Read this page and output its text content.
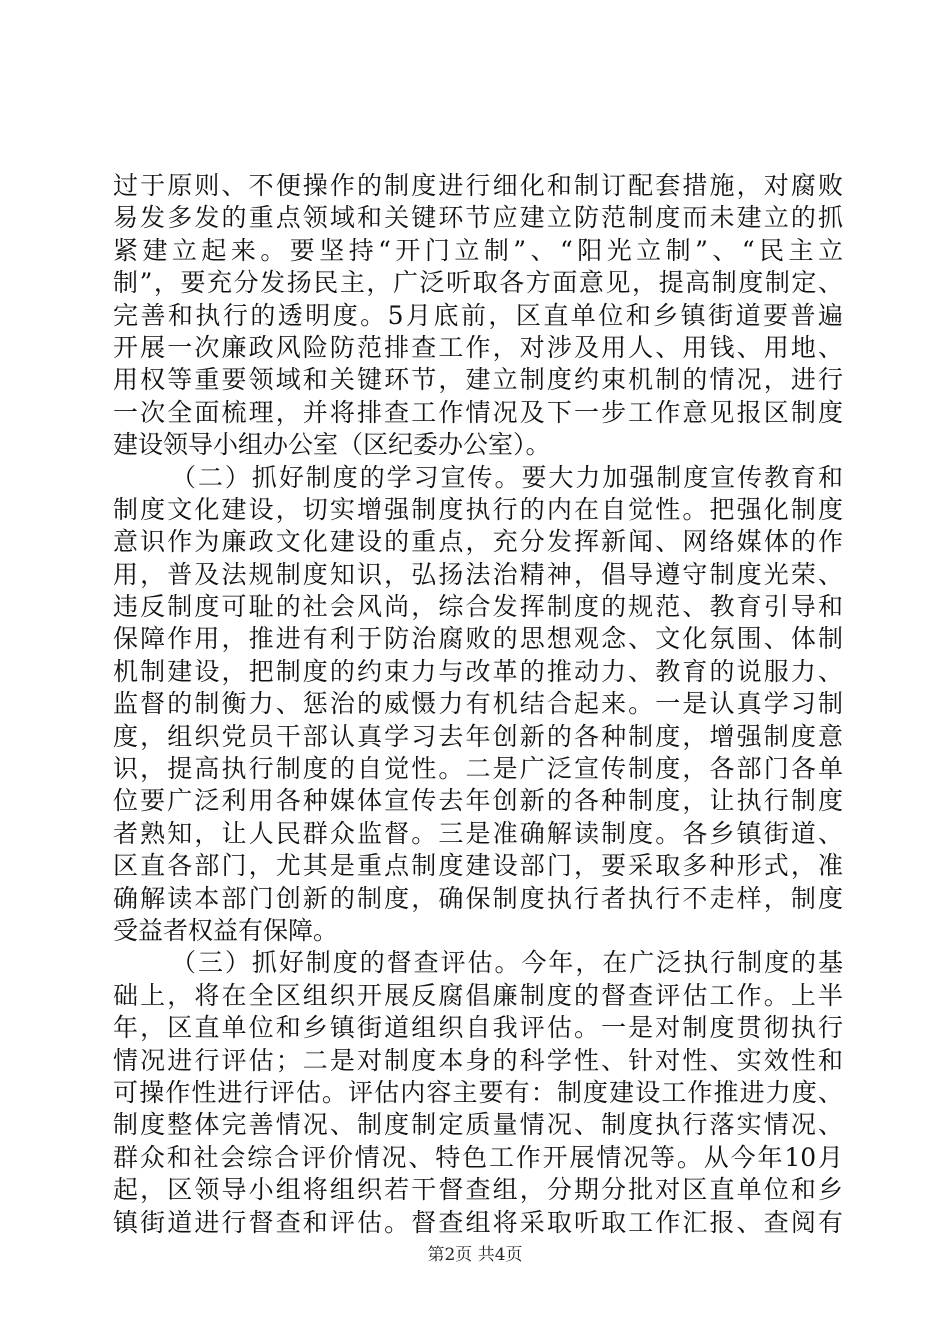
过于原则、不便操作的制度进行细化和制订配套措施，对腐败
易发多发的重点领域和关键环节应建立防范制度而未建立的抓
紧建立起来。要坚持“开门立制”、“阳光立制”、“民主立
制”，要充分发扬民主，广泛听取各方面意见，提高制度制定、
完善和执行的透明度。5月底前，区直单位和乡镇街道要普遍
开展一次廉政风险防范排查工作，对涉及用人、用钱、用地、
用权等重要领域和关键环节，建立制度约束机制的情况，进行
一次全面梳理，并将排查工作情况及下一步工作意见报区制度
建设领导小组办公室（区纪委办公室）。
（二）抓好制度的学习宣传。要大力加强制度宣传教育和
制度文化建设，切实增强制度执行的内在自觉性。把强化制度
意识作为廉政文化建设的重点，充分发挥新闻、网络媒体的作
用，普及法规制度知识，弘扬法治精神，倡导遵守制度光荣、
违反制度可耻的社会风尚，综合发挥制度的规范、教育引导和
保障作用，推进有利于防治腐败的思想观念、文化氛围、体制
机制建设，把制度的约束力与改革的推动力、教育的说服力、
监督的制衡力、惩治的威慑力有机结合起来。一是认真学习制
度，组织党员干部认真学习去年创新的各种制度，增强制度意
识，提高执行制度的自觉性。二是广泛宣传制度，各部门各单
位要广泛利用各种媒体宣传去年创新的各种制度，让执行制度
者熟知，让人民群众监督。三是准确解读制度。各乡镇街道、
区直各部门，尤其是重点制度建设部门，要采取多种形式，准
确解读本部门创新的制度，确保制度执行者执行不走样，制度
受益者权益有保障。
（三）抓好制度的督查评估。今年，在广泛执行制度的基
础上，将在全区组织开展反腐倡廉制度的督查评估工作。上半
年，区直单位和乡镇街道组织自我评估。一是对制度贯彻执行
情况进行评估；二是对制度本身的科学性、针对性、实效性和
可操作性进行评估。评估内容主要有：制度建设工作推进力度、
制度整体完善情况、制度制定质量情况、制度执行落实情况、
群众和社会综合评价情况、特色工作开展情况等。从今年10月
起，区领导小组将组织若干督查组，分期分批对区直单位和乡
镇街道进行督查和评估。督查组将采取听取工作汇报、查阅有
第2页 共4页
